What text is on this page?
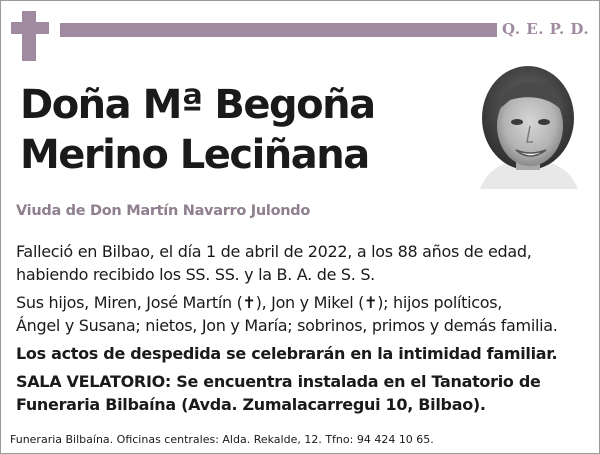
Q. E. P. D.
Doña Mª Begoña
Merino Leciñana
Viuda de Don Martín Navarro Julondo

Falleció en Bilbao, el día 1 de abril de 2022, a los 88 años de edad,
habiendo recibido los SS. SS. y la B. A. de S. S.

Sus hijos, Miren, José Martín (✝), Jon y Mikel (✝); hijos políticos,
Ángel y Susana; nietos, Jon y María; sobrinos, primos y demás familia.

Los actos de despedida se celebrarán en la intimidad familiar.

SALA VELATORIO: Se encuentra instalada en el Tanatorio de
Funeraria Bilbaína (Avda. Zumalacarregui 10, Bilbao).

Funeraria Bilbaína. Oficinas centrales: Alda. Rekalde, 12. Tfno: 94 424 10 65.
